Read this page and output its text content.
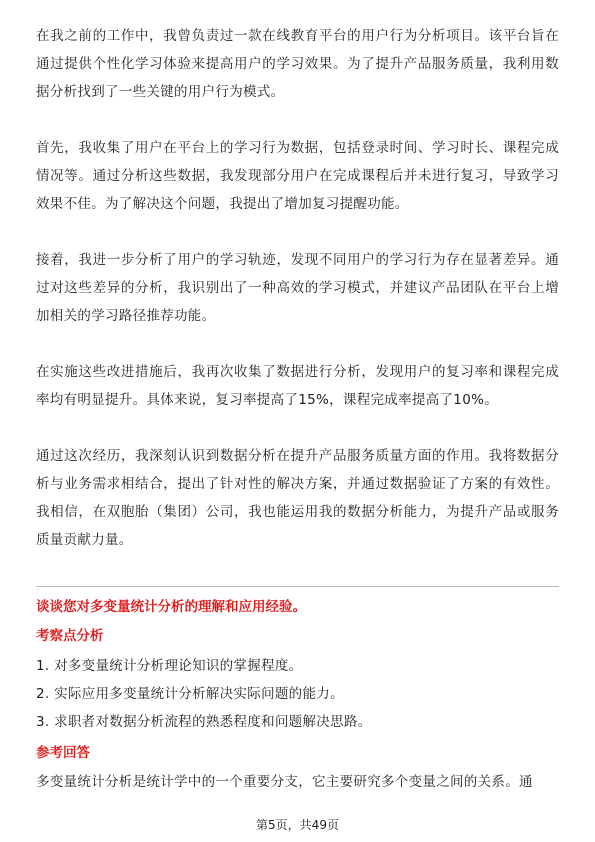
在我之前的工作中，我曾负责过一款在线教育平台的用户行为分析项目。该平台旨在通过提供个性化学习体验来提高用户的学习效果。为了提升产品服务质量，我利用数据分析找到了一些关键的用户行为模式。

首先，我收集了用户在平台上的学习行为数据，包括登录时间、学习时长、课程完成情况等。通过分析这些数据，我发现部分用户在完成课程后并未进行复习，导致学习效果不佳。为了解决这个问题，我提出了增加复习提醒功能。

接着，我进一步分析了用户的学习轨迹，发现不同用户的学习行为存在显著差异。通过对这些差异的分析，我识别出了一种高效的学习模式，并建议产品团队在平台上增加相关的学习路径推荐功能。

在实施这些改进措施后，我再次收集了数据进行分析，发现用户的复习率和课程完成率均有明显提升。具体来说，复习率提高了15%，课程完成率提高了10%。

通过这次经历，我深刻认识到数据分析在提升产品服务质量方面的作用。我将数据分析与业务需求相结合，提出了针对性的解决方案，并通过数据验证了方案的有效性。我相信，在双胞胎（集团）公司，我也能运用我的数据分析能力，为提升产品或服务质量贡献力量。

谈谈您对多变量统计分析的理解和应用经验。
考察点分析
1. 对多变量统计分析理论知识的掌握程度。
2. 实际应用多变量统计分析解决实际问题的能力。
3. 求职者对数据分析流程的熟悉程度和问题解决思路。
参考回答
多变量统计分析是统计学中的一个重要分支，它主要研究多个变量之间的关系。通
第5页，共49页
